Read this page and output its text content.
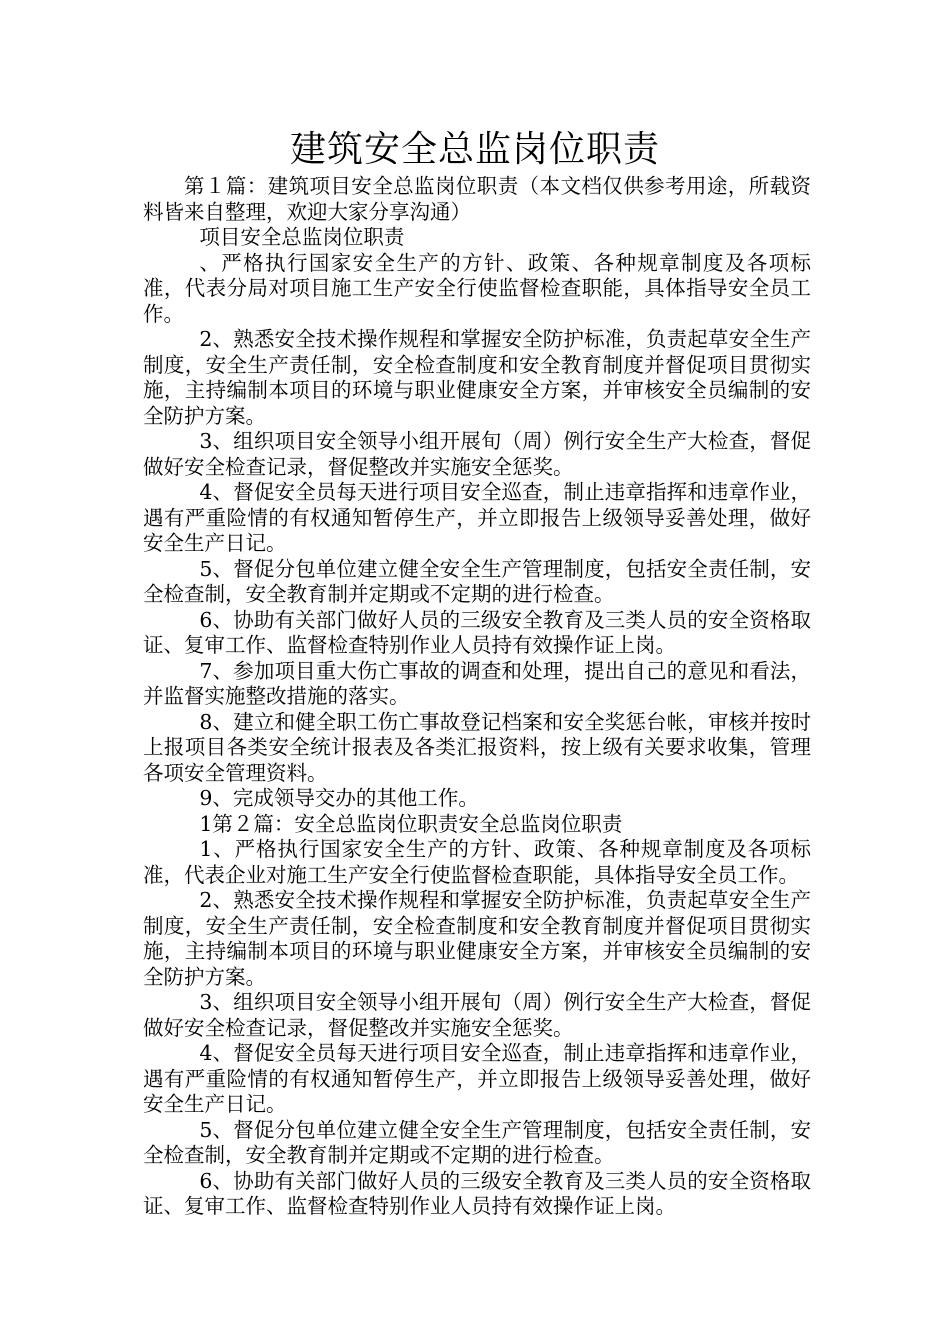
建筑安全总监岗位职责

第１篇：建筑项目安全总监岗位职责（本文档仅供参考用途，所载资料皆来自整理，欢迎大家分享沟通）

项目安全总监岗位职责

、严格执行国家安全生产的方针、政策、各种规章制度及各项标准，代表分局对项目施工生产安全行使监督检查职能，具体指导安全员工作。

2、熟悉安全技术操作规程和掌握安全防护标准，负责起草安全生产制度，安全生产责任制，安全检查制度和安全教育制度并督促项目贯彻实施，主持编制本项目的环境与职业健康安全方案，并审核安全员编制的安全防护方案。

3、组织项目安全领导小组开展旬（周）例行安全生产大检查，督促做好安全检查记录，督促整改并实施安全惩奖。

4、督促安全员每天进行项目安全巡查，制止违章指挥和违章作业，遇有严重险情的有权通知暂停生产，并立即报告上级领导妥善处理，做好安全生产日记。

5、督促分包单位建立健全安全生产管理制度，包括安全责任制，安全检查制，安全教育制并定期或不定期的进行检查。

6、协助有关部门做好人员的三级安全教育及三类人员的安全资格取证、复审工作、监督检查特别作业人员持有效操作证上岗。

7、参加项目重大伤亡事故的调查和处理，提出自己的意见和看法，并监督实施整改措施的落实。

8、建立和健全职工伤亡事故登记档案和安全奖惩台帐，审核并按时上报项目各类安全统计报表及各类汇报资料，按上级有关要求收集，管理各项安全管理资料。

9、完成领导交办的其他工作。

1第２篇：安全总监岗位职责安全总监岗位职责

1、严格执行国家安全生产的方针、政策、各种规章制度及各项标准，代表企业对施工生产安全行使监督检查职能，具体指导安全员工作。

2、熟悉安全技术操作规程和掌握安全防护标准，负责起草安全生产制度，安全生产责任制，安全检查制度和安全教育制度并督促项目贯彻实施，主持编制本项目的环境与职业健康安全方案，并审核安全员编制的安全防护方案。

3、组织项目安全领导小组开展旬（周）例行安全生产大检查，督促做好安全检查记录，督促整改并实施安全惩奖。

4、督促安全员每天进行项目安全巡查，制止违章指挥和违章作业，遇有严重险情的有权通知暂停生产，并立即报告上级领导妥善处理，做好安全生产日记。

5、督促分包单位建立健全安全生产管理制度，包括安全责任制，安全检查制，安全教育制并定期或不定期的进行检查。

6、协助有关部门做好人员的三级安全教育及三类人员的安全资格取证、复审工作、监督检查特别作业人员持有效操作证上岗。
